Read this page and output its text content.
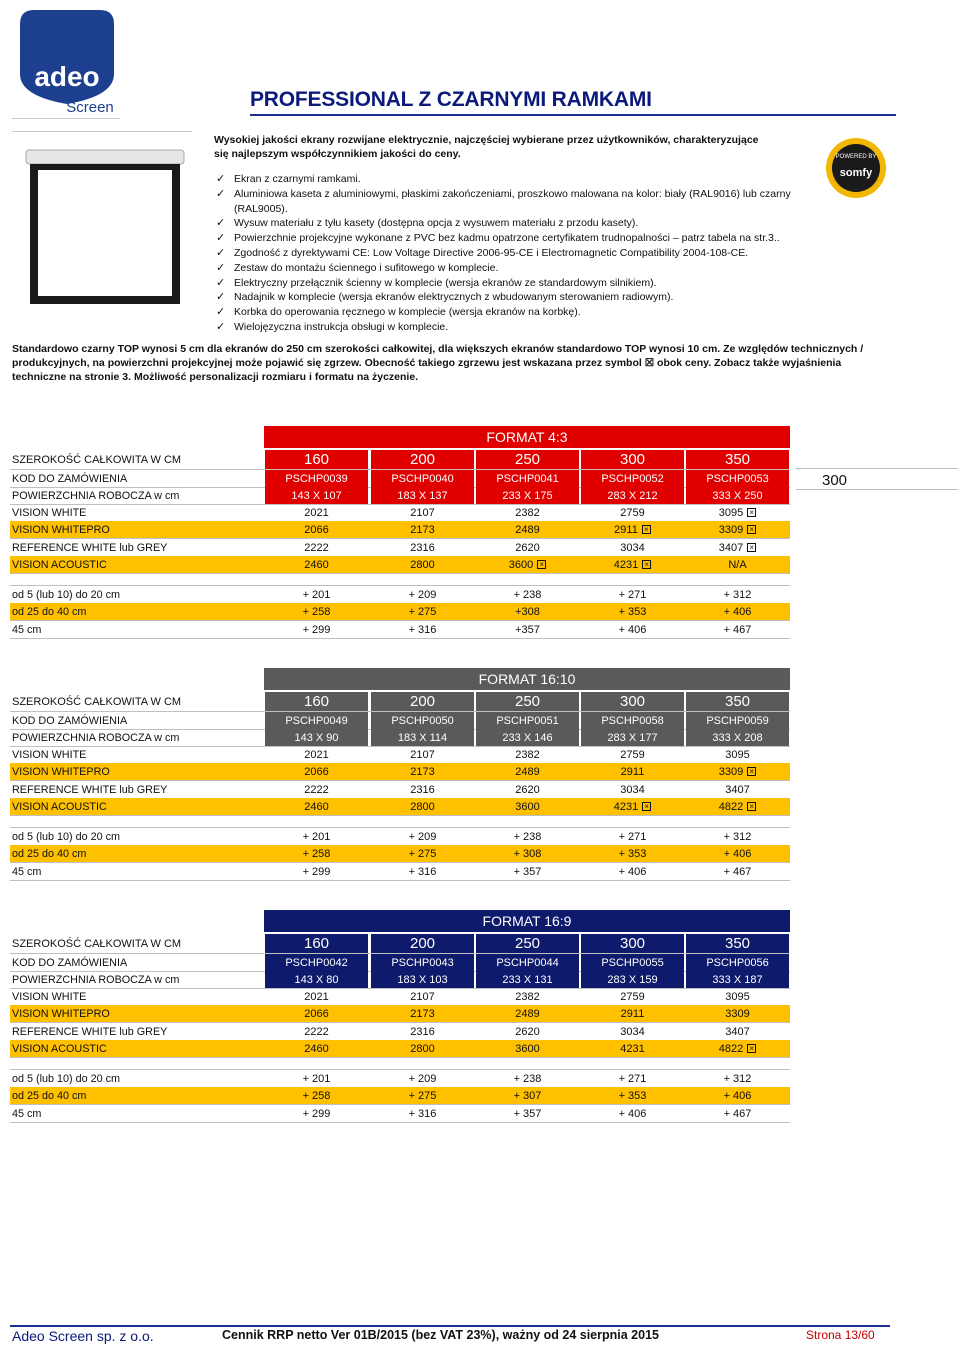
adeo
Screen	PROFESSIONAL Z CZARNYMI RAMKAMI
Wysokiej jakości ekrany rozwijane elektrycznie, najczęściej wybierane przez użytkowników, charakteryzujące się najlepszym współczynnikiem jakości do ceny.
✓ Ekran z czarnymi ramkami.
✓ Aluminiowa kaseta z aluminiowymi, płaskimi zakończeniami, proszkowo malowana na kolor: biały (RAL9016) lub czarny (RAL9005).
✓ Wysuw materiału z tyłu kasety (dostępna opcja z wysuwem materiału z przodu kasety).
✓ Powierzchnie projekcyjne wykonane z PVC bez kadmu opatrzone certyfikatem trudnopalności – patrz tabela na str.3..
✓ Zgodność z dyrektywami CE: Low Voltage Directive 2006-95-CE i Electromagnetic Compatibility 2004-108-CE.
✓ Zestaw do montażu ściennego i sufitowego w komplecie.
✓ Elektryczny przełącznik ścienny w komplecie (wersja ekranów ze standardowym silnikiem).
✓ Nadajnik w komplecie (wersja ekranów elektrycznych z wbudowanym sterowaniem radiowym).
✓ Korbka do operowania ręcznego w komplecie (wersja ekranów na korbkę).
✓ Wielojęzyczna instrukcja obsługi w komplecie.
POWERED BY
somfy
Standardowo czarny TOP wynosi 5 cm dla ekranów do 250 cm szerokości całkowitej, dla większych ekranów standardowo TOP wynosi 10 cm. Ze względów technicznych / produkcyjnych, na powierzchni projekcyjnej może pojawić się zgrzew. Obecność takiego zgrzewu jest wskazana przez symbol ☒ obok ceny. Zobacz także wyjaśnienia techniczne na stronie 3. Możliwość personalizacji rozmiaru i formatu na życzenie.
300
FORMAT 4:3
SZEROKOŚĆ CAŁKOWITA W CM	160	200	250	300	350
KOD DO ZAMÓWIENIA	PSCHP0039	PSCHP0040	PSCHP0041	PSCHP0052	PSCHP0053
POWIERZCHNIA ROBOCZA w cm	143 X 107	183 X 137	233 X 175	283 X 212	333 X 250
VISION WHITE	2021	2107	2382	2759	3095 ×
VISION WHITEPRO	2066	2173	2489	2911 ×	3309 ×
REFERENCE WHITE lub GREY	2222	2316	2620	3034	3407 ×
VISION ACOUSTIC	2460	2800	3600 ×	4231 ×	N/A
od 5 (lub 10) do 20 cm	+ 201	+ 209	+ 238	+ 271	+ 312
od 25 do 40 cm	+ 258	+ 275	+308	+ 353	+ 406
45 cm	+ 299	+ 316	+357	+ 406	+ 467
FORMAT 16:10
SZEROKOŚĆ CAŁKOWITA W CM	160	200	250	300	350
KOD DO ZAMÓWIENIA	PSCHP0049	PSCHP0050	PSCHP0051	PSCHP0058	PSCHP0059
POWIERZCHNIA ROBOCZA w cm	143 X 90	183 X 114	233 X 146	283 X 177	333 X 208
VISION WHITE	2021	2107	2382	2759	3095
VISION WHITEPRO	2066	2173	2489	2911	3309 ×
REFERENCE WHITE lub GREY	2222	2316	2620	3034	3407
VISION ACOUSTIC	2460	2800	3600	4231 ×	4822 ×
od 5 (lub 10) do 20 cm	+ 201	+ 209	+ 238	+ 271	+ 312
od 25 do 40 cm	+ 258	+ 275	+ 308	+ 353	+ 406
45 cm	+ 299	+ 316	+ 357	+ 406	+ 467
FORMAT 16:9
SZEROKOŚĆ CAŁKOWITA W CM	160	200	250	300	350
KOD DO ZAMÓWIENIA	PSCHP0042	PSCHP0043	PSCHP0044	PSCHP0055	PSCHP0056
POWIERZCHNIA ROBOCZA w cm	143 X 80	183 X 103	233 X 131	283 X 159	333 X 187
VISION WHITE	2021	2107	2382	2759	3095
VISION WHITEPRO	2066	2173	2489	2911	3309
REFERENCE WHITE lub GREY	2222	2316	2620	3034	3407
VISION ACOUSTIC	2460	2800	3600	4231	4822 ×
od 5 (lub 10) do 20 cm	+ 201	+ 209	+ 238	+ 271	+ 312
od 25 do 40 cm	+ 258	+ 275	+ 307	+ 353	+ 406
45 cm	+ 299	+ 316	+ 357	+ 406	+ 467
Adeo Screen sp. z o.o.	Cennik RRP netto Ver 01B/2015 (bez VAT 23%), ważny od 24 sierpnia 2015	Strona 13/60
